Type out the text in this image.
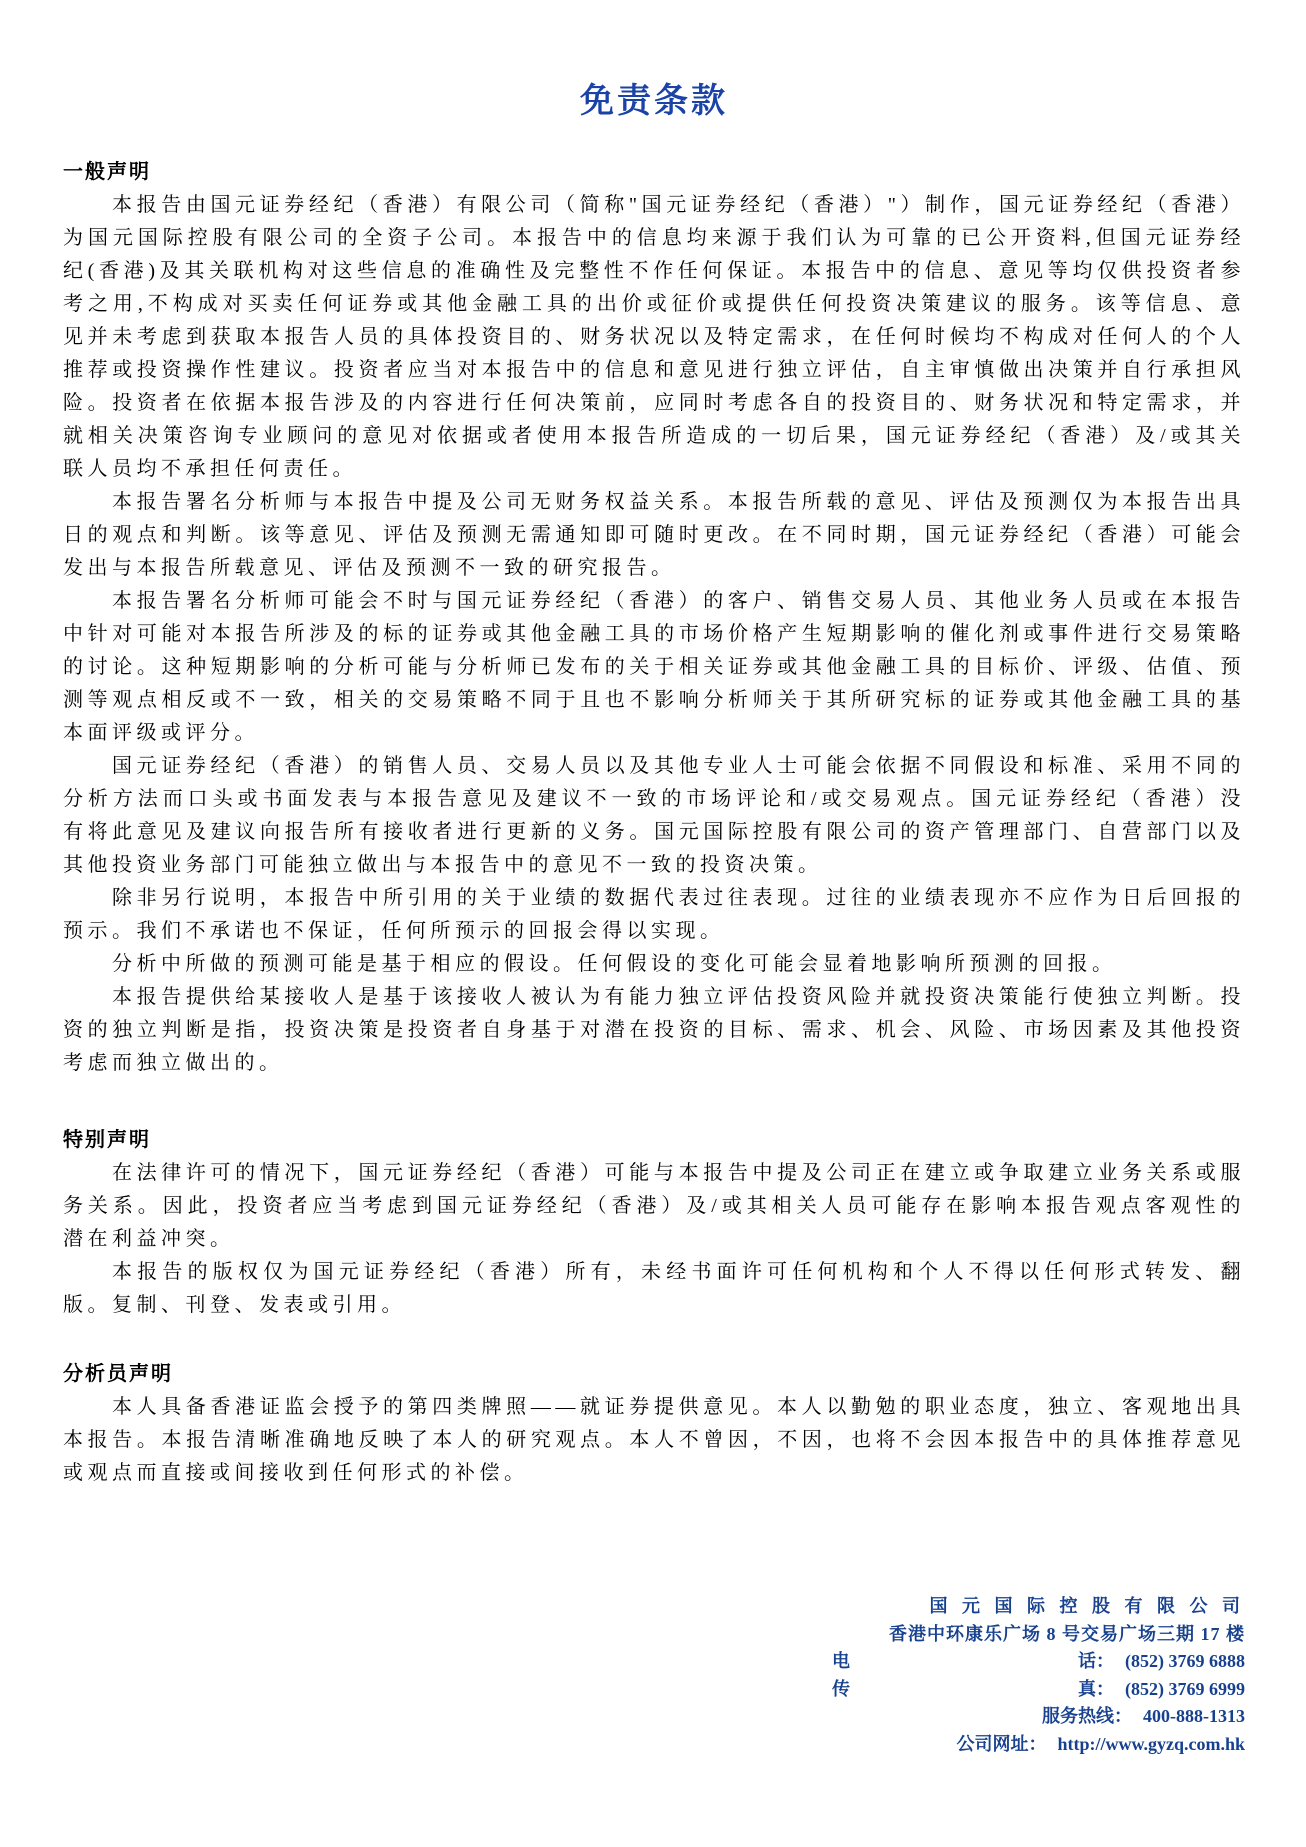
免责条款
一般声明

本报告由国元证券经纪（香港）有限公司（简称"国元证券经纪（香港）"）制作，国元证券经纪（香港）为国元国际控股有限公司的全资子公司。本报告中的信息均来源于我们认为可靠的已公开资料,但国元证券经纪(香港)及其关联机构对这些信息的准确性及完整性不作任何保证。本报告中的信息、意见等均仅供投资者参考之用,不构成对买卖任何证券或其他金融工具的出价或征价或提供任何投资决策建议的服务。该等信息、意见并未考虑到获取本报告人员的具体投资目的、财务状况以及特定需求，在任何时候均不构成对任何人的个人推荐或投资操作性建议。投资者应当对本报告中的信息和意见进行独立评估，自主审慎做出决策并自行承担风险。投资者在依据本报告涉及的内容进行任何决策前，应同时考虑各自的投资目的、财务状况和特定需求，并就相关决策咨询专业顾问的意见对依据或者使用本报告所造成的一切后果，国元证券经纪（香港）及/或其关联人员均不承担任何责任。

本报告署名分析师与本报告中提及公司无财务权益关系。本报告所载的意见、评估及预测仅为本报告出具日的观点和判断。该等意见、评估及预测无需通知即可随时更改。在不同时期，国元证券经纪（香港）可能会发出与本报告所载意见、评估及预测不一致的研究报告。

本报告署名分析师可能会不时与国元证券经纪（香港）的客户、销售交易人员、其他业务人员或在本报告中针对可能对本报告所涉及的标的证券或其他金融工具的市场价格产生短期影响的催化剂或事件进行交易策略的讨论。这种短期影响的分析可能与分析师已发布的关于相关证券或其他金融工具的目标价、评级、估值、预测等观点相反或不一致，相关的交易策略不同于且也不影响分析师关于其所研究标的证券或其他金融工具的基本面评级或评分。

国元证券经纪（香港）的销售人员、交易人员以及其他专业人士可能会依据不同假设和标准、采用不同的分析方法而口头或书面发表与本报告意见及建议不一致的市场评论和/或交易观点。国元证券经纪（香港）没有将此意见及建议向报告所有接收者进行更新的义务。国元国际控股有限公司的资产管理部门、自营部门以及其他投资业务部门可能独立做出与本报告中的意见不一致的投资决策。

除非另行说明，本报告中所引用的关于业绩的数据代表过往表现。过往的业绩表现亦不应作为日后回报的预示。我们不承诺也不保证，任何所预示的回报会得以实现。

分析中所做的预测可能是基于相应的假设。任何假设的变化可能会显着地影响所预测的回报。

本报告提供给某接收人是基于该接收人被认为有能力独立评估投资风险并就投资决策能行使独立判断。投资的独立判断是指，投资决策是投资者自身基于对潜在投资的目标、需求、机会、风险、市场因素及其他投资考虑而独立做出的。

特别声明

在法律许可的情况下，国元证券经纪（香港）可能与本报告中提及公司正在建立或争取建立业务关系或服务关系。因此，投资者应当考虑到国元证券经纪（香港）及/或其相关人员可能存在影响本报告观点客观性的潜在利益冲突。

本报告的版权仅为国元证券经纪（香港）所有，未经书面许可任何机构和个人不得以任何形式转发、翻版。复制、刊登、发表或引用。

分析员声明

本人具备香港证监会授予的第四类牌照——就证券提供意见。本人以勤勉的职业态度，独立、客观地出具本报告。本报告清晰准确地反映了本人的研究观点。本人不曾因，不因，也将不会因本报告中的具体推荐意见或观点而直接或间接收到任何形式的补偿。

国 元 国 际 控 股 有 限 公 司
香港中环康乐广场 8 号交易广场三期 17 楼
电	话： (852) 3769 6888
传	真： (852) 3769 6999
服务热线： 400-888-1313
公司网址： http://www.gyzq.com.hk
